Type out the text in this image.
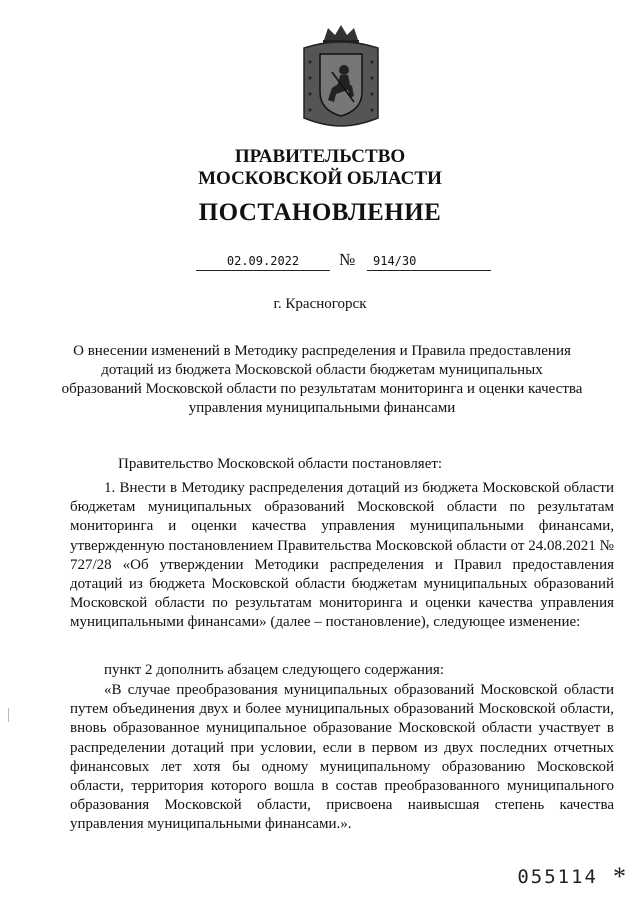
ПРАВИТЕЛЬСТВО
МОСКОВСКОЙ ОБЛАСТИ
ПОСТАНОВЛЕНИЕ
02.09.2022	№	914/30
г. Красногорск
О внесении изменений в Методику распределения и Правила предоставления дотаций из бюджета Московской области бюджетам муниципальных образований Московской области по результатам мониторинга и оценки качества управления муниципальными финансами
Правительство Московской области постановляет:
1. Внести в Методику распределения дотаций из бюджета Московской области бюджетам муниципальных образований Московской области по результатам мониторинга и оценки качества управления муниципальными финансами, утвержденную постановлением Правительства Московской области от 24.08.2021 № 727/28 «Об утверждении Методики распределения и Правил предоставления дотаций из бюджета Московской области бюджетам муниципальных образований Московской области по результатам мониторинга и оценки качества управления муниципальными финансами» (далее – постановление), следующее изменение:
пункт 2 дополнить абзацем следующего содержания:
«В случае преобразования муниципальных образований Московской области путем объединения двух и более муниципальных образований Московской области, вновь образованное муниципальное образование Московской области участвует в распределении дотаций при условии, если в первом из двух последних отчетных финансовых лет хотя бы одному муниципальному образованию Московской области, территория которого вошла в состав преобразованного муниципального образования Московской области, присвоена наивысшая степень качества управления муниципальными финансами.».
055114 *
